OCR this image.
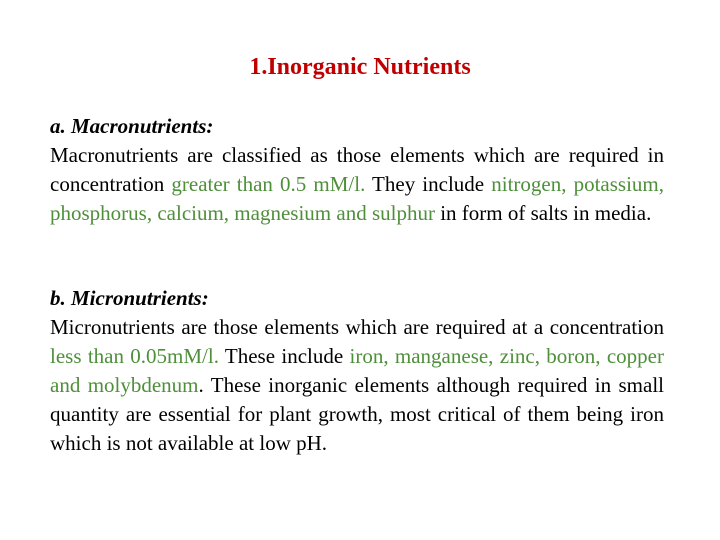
1.Inorganic Nutrients

a. Macronutrients:

Macronutrients are classified as those elements which are required in concentration greater than 0.5 mM/l. They include nitrogen, potassium, phosphorus, calcium, magnesium and sulphur in form of salts in media.

b. Micronutrients:

Micronutrients are those elements which are required at a concentration less than 0.05mM/l. These include iron, manganese, zinc, boron, copper and molybdenum. These inorganic elements although required in small quantity are essential for plant growth, most critical of them being iron which is not available at low pH.
